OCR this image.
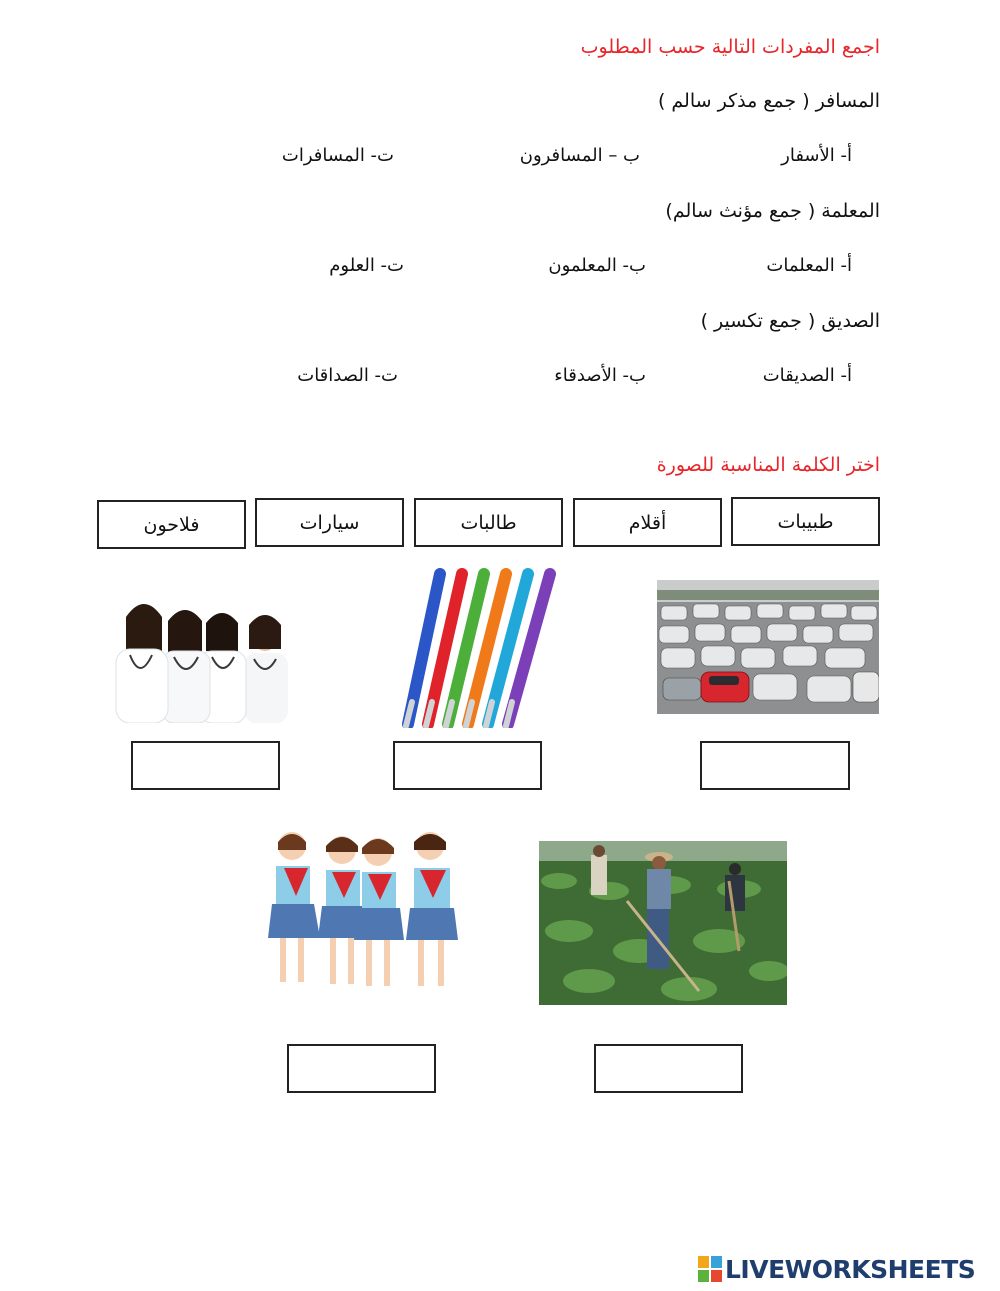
اجمع المفردات التالية حسب المطلوب
المسافر ( جمع مذكر سالم )
أ- الأسفار
ب – المسافرون
ت- المسافرات
المعلمة ( جمع مؤنث سالم)
أ- المعلمات
ب- المعلمون
ت- العلوم
الصديق ( جمع تكسير )
أ- الصديقات
ب- الأصدقاء
ت- الصداقات
اختر الكلمة المناسبة للصورة
طبيبات
أقلام
طالبات
سيارات
فلاحون
LIVEWORKSHEETS
